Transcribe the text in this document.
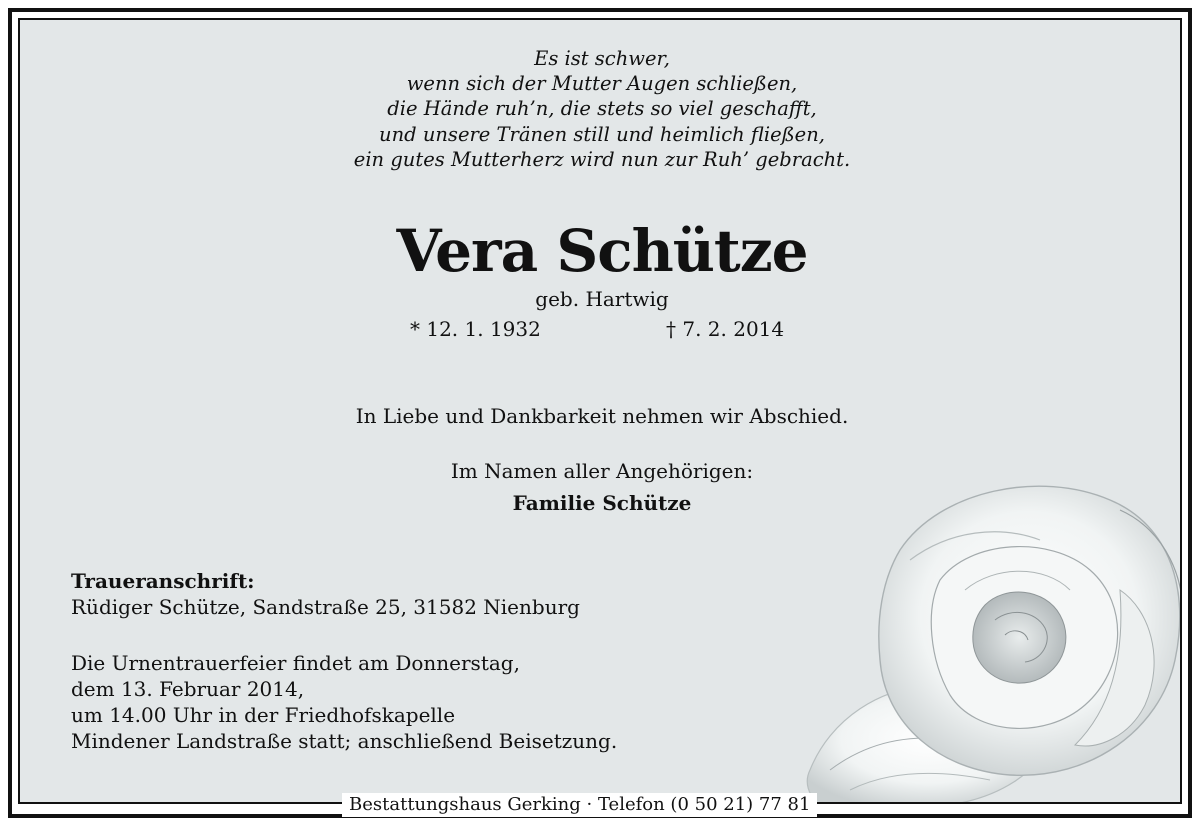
Es ist schwer,
wenn sich der Mutter Augen schließen,
die Hände ruh’n, die stets so viel geschafft,
und unsere Tränen still und heimlich fließen,
ein gutes Mutterherz wird nun zur Ruh’ gebracht.
Vera Schütze
geb. Hartwig
* 12. 1. 1932	† 7. 2. 2014
In Liebe und Dankbarkeit nehmen wir Abschied.
Im Namen aller Angehörigen:
Familie Schütze
Traueranschrift:
Rüdiger Schütze, Sandstraße 25, 31582 Nienburg
Die Urnentrauerfeier findet am Donnerstag,
dem 13. Februar 2014,
um 14.00 Uhr in der Friedhofskapelle
Mindener Landstraße statt; anschließend Beisetzung.
Bestattungshaus Gerking · Telefon (0 50 21) 77 81
